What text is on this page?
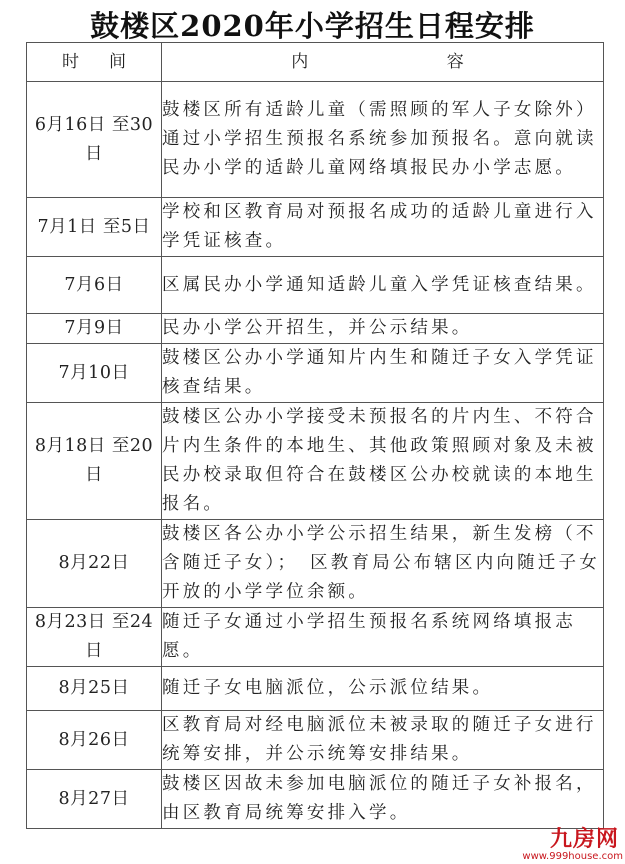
鼓楼区2020年小学招生日程安排
时 间	内 容

6月16日 至30日	鼓楼区所有适龄儿童（需照顾的军人子女除外）通过小学招生预报名系统参加预报名。意向就读民办小学的适龄儿童网络填报民办小学志愿。
7月1日 至5日	学校和区教育局对预报名成功的适龄儿童进行入学凭证核查。
7月6日	区属民办小学通知适龄儿童入学凭证核查结果。
7月9日	民办小学公开招生，并公示结果。
7月10日	鼓楼区公办小学通知片内生和随迁子女入学凭证核查结果。
8月18日 至20日	鼓楼区公办小学接受未预报名的片内生、不符合片内生条件的本地生、其他政策照顾对象及未被民办校录取但符合在鼓楼区公办校就读的本地生报名。
8月22日	鼓楼区各公办小学公示招生结果，新生发榜（不含随迁子女）；　区教育局公布辖区内向随迁子女开放的小学学位余额。
8月23日 至24日	随迁子女通过小学招生预报名系统网络填报志愿。
8月25日	随迁子女电脑派位，公示派位结果。
8月26日	区教育局对经电脑派位未被录取的随迁子女进行统筹安排，并公示统筹安排结果。
8月27日	鼓楼区因故未参加电脑派位的随迁子女补报名，由区教育局统筹安排入学。
九房网
www.999house.com
